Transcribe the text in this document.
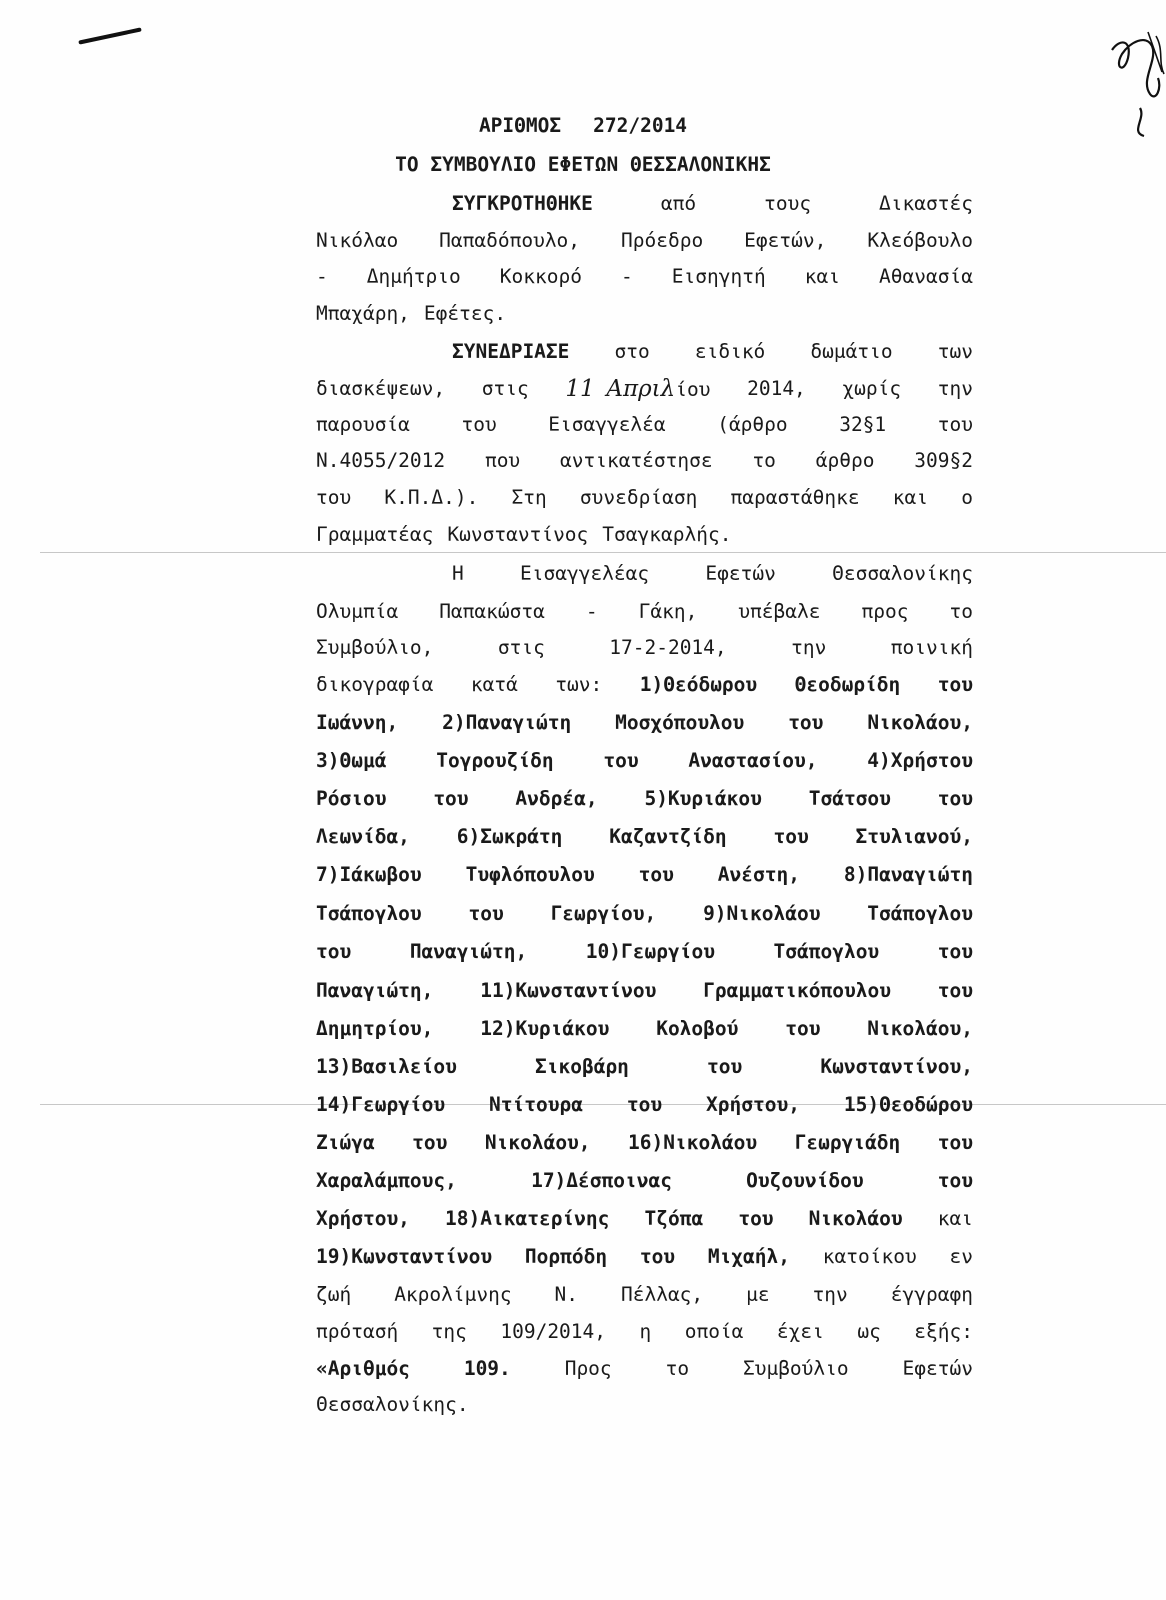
ΑΡΙΘΜΟΣ 272/2014
ΤΟ ΣΥΜΒΟΥΛΙΟ ΕΦΕΤΩΝ ΘΕΣΣΑΛΟΝΙΚΗΣ
ΣΥΓΚΡΟΤΗΘΗΚΕ	από	τους	Δικαστές
Νικόλαο Παπαδόπουλο, Πρόεδρο Εφετών, Κλεόβουλο
- Δημήτριο Κοκκορό - Εισηγητή και Αθανασία
Μπαχάρη, Εφέτες.
ΣΥΝΕΔΡΙΑΣΕ στο ειδικό δωμάτιο των
διασκέψεων, στις 11 Απριλίου 2014, χωρίς την
παρουσία	του	Εισαγγελέα	(άρθρο	32§1	του
Ν.4055/2012 που αντικατέστησε το άρθρο 309§2
του Κ.Π.Δ.). Στη συνεδρίαση παραστάθηκε και ο
Γραμματέας Κωνσταντίνος Τσαγκαρλής.
Η	Εισαγγελέας	Εφετών	Θεσσαλονίκης
Ολυμπία Παπακώστα - Γάκη, υπέβαλε προς το
Συμβούλιο,	στις	17-2-2014,	την	ποινική
δικογραφία κατά των: 1)Θεόδωρου Θεοδωρίδη του
Ιωάννη, 2)Παναγιώτη Μοσχόπουλου του Νικολάου,
3)Θωμά	Τογρουζίδη	του	Αναστασίου,	4)Χρήστου
Ρόσιου του Ανδρέα, 5)Κυριάκου Τσάτσου του
Λεωνίδα, 6)Σωκράτη Καζαντζίδη του Στυλιανού,
7)Ιάκωβου Τυφλόπουλου του Ανέστη, 8)Παναγιώτη
Τσάπογλου του Γεωργίου, 9)Νικολάου Τσάπογλου
του	Παναγιώτη,	10)Γεωργίου	Τσάπογλου	του
Παναγιώτη, 11)Κωνσταντίνου Γραμματικόπουλου του
Δημητρίου, 12)Κυριάκου Κολοβού του Νικολάου,
13)Βασιλείου	Σικοβάρη	του	Κωνσταντίνου,
14)Γεωργίου Ντίτουρα του Χρήστου, 15)Θεοδώρου
Ζιώγα του Νικολάου, 16)Νικολάου Γεωργιάδη του
Χαραλάμπους,	17)Δέσποινας	Ουζουνίδου	του
Χρήστου, 18)Αικατερίνης Τζόπα του Νικολάου και
19)Κωνσταντίνου Πορπόδη του Μιχαήλ, κατοίκου εν
ζωή Ακρολίμνης Ν. Πέλλας, με την έγγραφη
πρότασή της 109/2014, η οποία έχει ως εξής:
«Αριθμός	109.	Προς	το	Συμβούλιο	Εφετών
Θεσσαλονίκης.
